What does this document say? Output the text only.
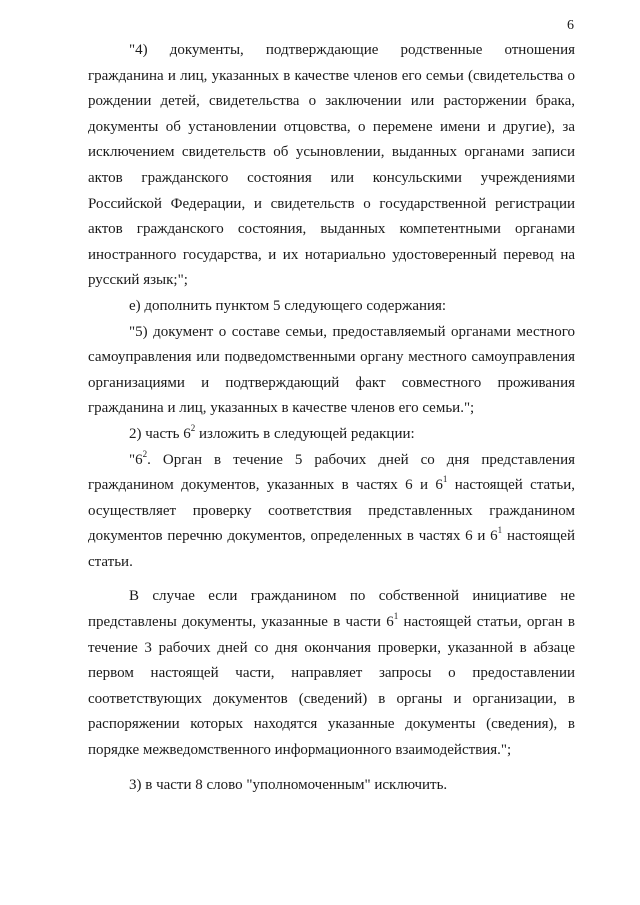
6

"4) документы, подтверждающие родственные отношения гражданина и лиц, указанных в качестве членов его семьи (свидетельства о рождении детей, свидетельства о заключении или расторжении брака, документы об установлении отцовства, о перемене имени и другие), за исключением свидетельств об усыновлении, выданных органами записи актов гражданского состояния или консульскими учреждениями Российской Федерации, и свидетельств о государственной регистрации актов гражданского состояния, выданных компетентными органами иностранного государства, и их нотариально удостоверенный перевод на русский язык;";

е) дополнить пунктом 5 следующего содержания:

"5) документ о составе семьи, предоставляемый органами местного самоуправления или подведомственными органу местного самоуправления организациями и подтверждающий факт совместного проживания гражданина и лиц, указанных в качестве членов его семьи.";

2) часть $6^2$ изложить в следующей редакции:

"$6^2$. Орган в течение 5 рабочих дней со дня представления гражданином документов, указанных в частях 6 и $6^1$ настоящей статьи, осуществляет проверку соответствия представленных гражданином документов перечню документов, определенных в частях 6 и $6^1$ настоящей статьи.

В случае если гражданином по собственной инициативе не представлены документы, указанные в части $6^1$ настоящей статьи, орган в течение 3 рабочих дней со дня окончания проверки, указанной в абзаце первом настоящей части, направляет запросы о предоставлении соответствующих документов (сведений) в органы и организации, в распоряжении которых находятся указанные документы (сведения), в порядке межведомственного информационного взаимодействия.";

3) в части 8 слово "уполномоченным" исключить.
